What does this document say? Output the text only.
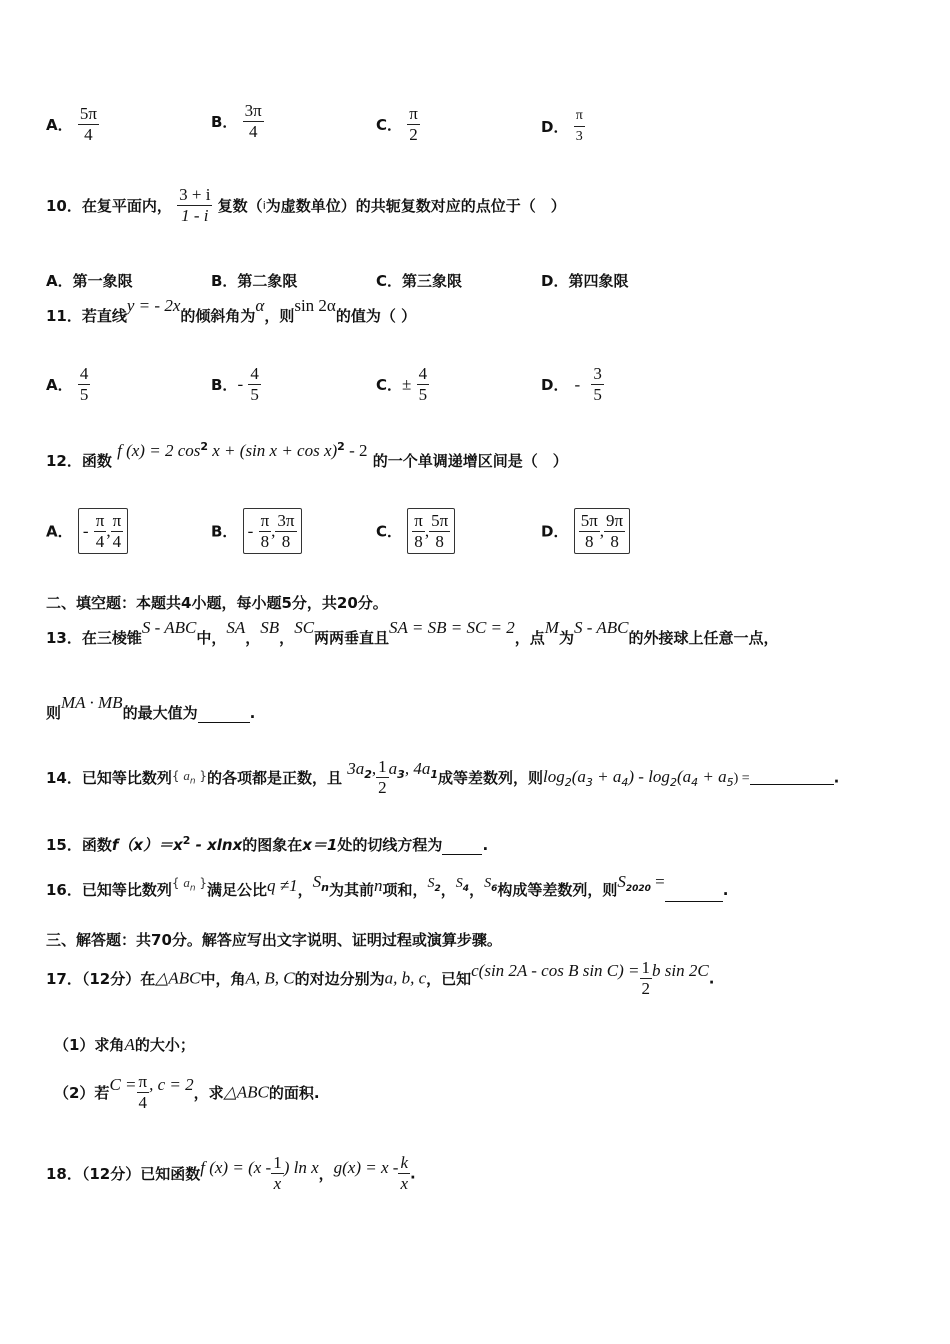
A． $\frac{5\pi}{4}$	B． $\frac{3\pi}{4}$	C． $\frac{\pi}{2}$	D． $\frac{\pi}{3}$
10．在复平面内， $\frac{3 + i}{1 - i}$ 复数（i为虚数单位）的共轭复数对应的点位于（　）
A．第一象限	B．第二象限	C．第三象限	D．第四象限
11．若直线y = - 2x的倾斜角为α，则sin 2α的值为（ ）
A． $\frac{4}{5}$	B．- $\frac{4}{5}$	C．± $\frac{4}{5}$	D． - $\frac{3}{5}$
12．函数 f (x) = 2 $\cos^2 x + (\sin$ x + cos x)$^2$ - 2 的一个单调递增区间是（　）
A． - $\frac{\pi}{4}$ , $\frac{\pi}{4}$	B． - $\frac{\pi}{8}$ , $\frac{3\pi}{8}$	C． $\frac{\pi}{8}$ , $\frac{5\pi}{8}$	D． $\frac{5\pi}{8}$ , $\frac{9\pi}{8}$
二、填空题：本题共4小题，每小题5分，共20分。
13．在三棱锥S - ABC中，SA，SB，SC两两垂直且SA = SB = SC = 2，点M为S - ABC的外接球上任意一点，
则MA · MB的最大值为	.
14．已知等比数列{ $a_n$ }的各项都是正数，且 $3a_2$, $\frac{1}{2} a_3$, $4a_1$成等差数列，则$\log_2(a_3 + a_4) - \log_2(a_4 + a_5)$ =	.
15．函数$f(x)=x^2 - xlnx$的图象在x＝1处的切线方程为	.
16．已知等比数列$^{\{ a_n \}}$满足公比q ≠1，$S_n$为其前n项和，$S_2$，$S_4$，$S_6$构成等差数列，则$S_{2020}$ =	.
三、解答题：共70分。解答应写出文字说明、证明过程或演算步骤。
17．（12分）在△ABC中，角A, B, C的对边分别为a, b, c，已知c(sin 2A - cos B $\sin C) = \frac{1}{2}$ b sin 2C.
（1）求角A的大小；
（2）若$C = \frac{\pi}{4}$ , c = 2，求△ABC的面积.
18．（12分）已知函数f $(x) = (x - \frac{1}{x}$ ) ln x，$g(x) = x - \frac{k}{x}$ .
